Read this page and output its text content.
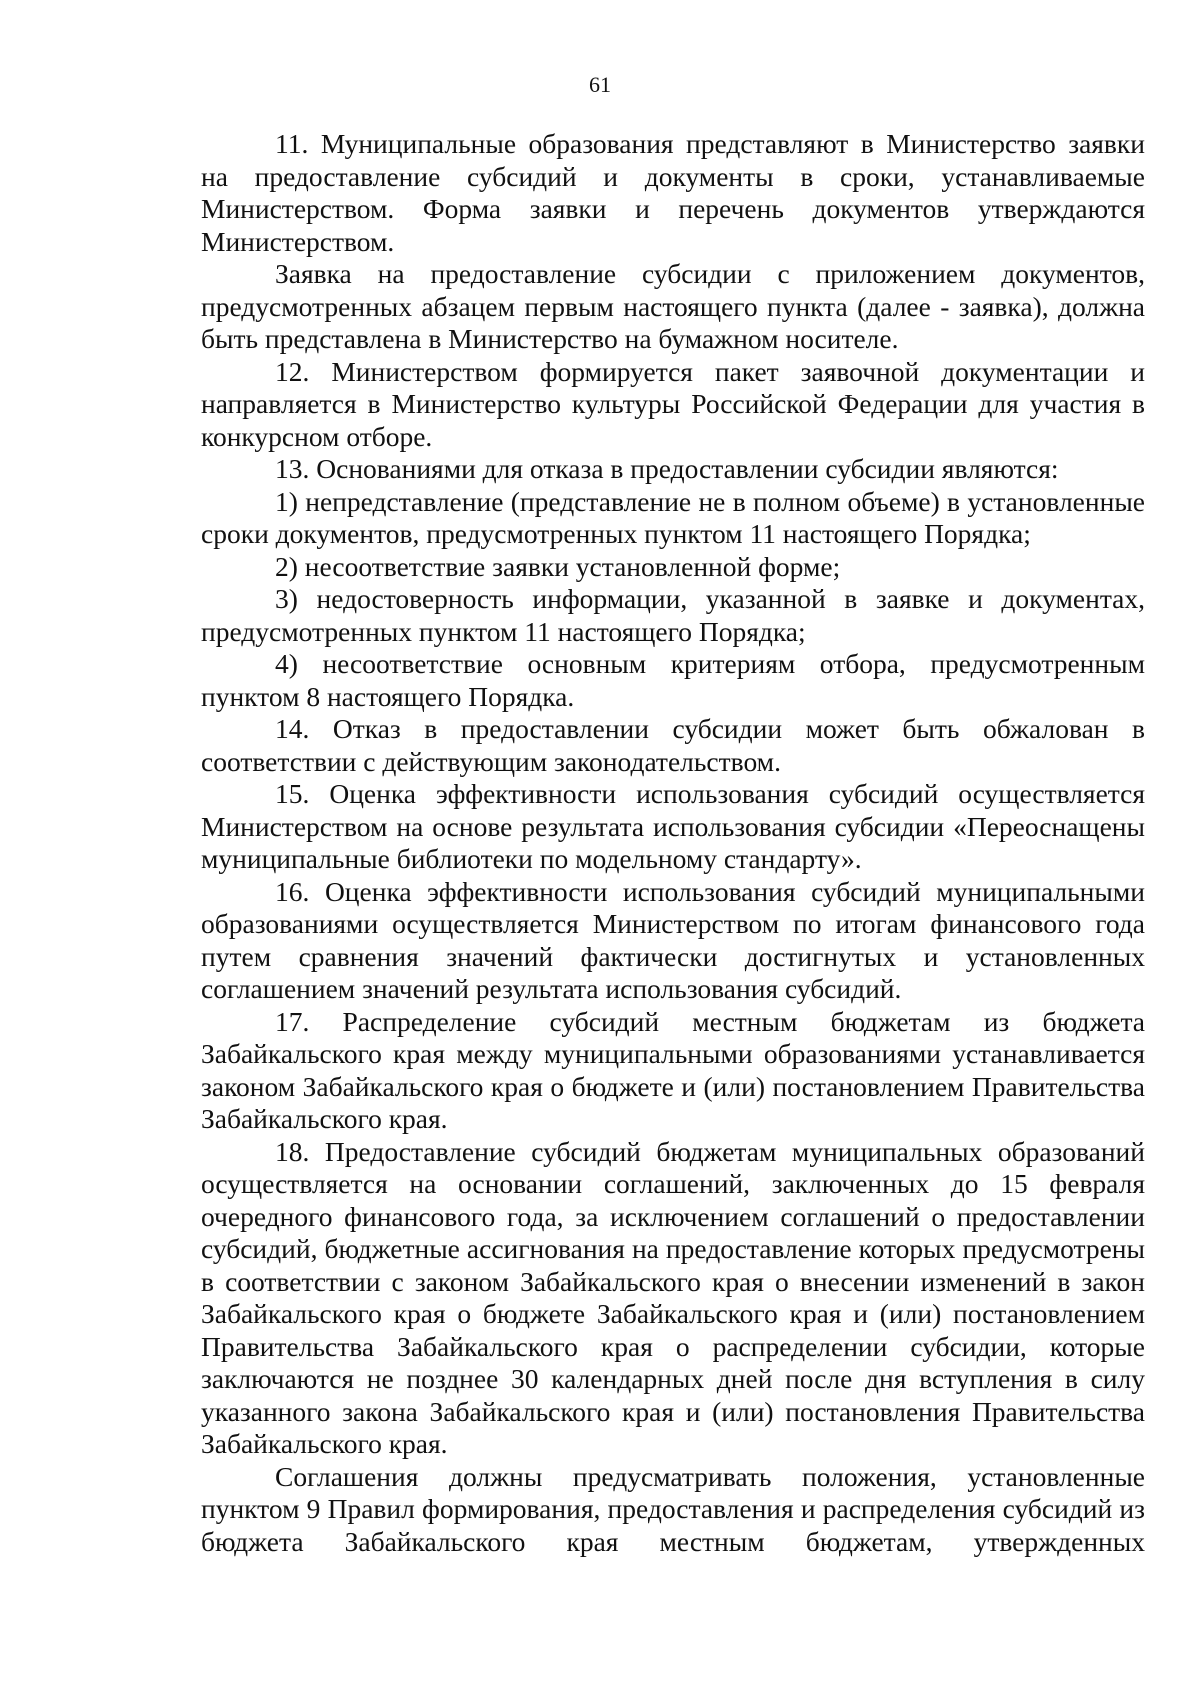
61

11. Муниципальные образования представляют в Министерство заявки на предоставление субсидий и документы в сроки, устанавливаемые Министерством. Форма заявки и перечень документов утверждаются Министерством.

Заявка на предоставление субсидии с приложением документов, предусмотренных абзацем первым настоящего пункта (далее - заявка), должна быть представлена в Министерство на бумажном носителе.

12. Министерством формируется пакет заявочной документации и направляется в Министерство культуры Российской Федерации для участия в конкурсном отборе.

13. Основаниями для отказа в предоставлении субсидии являются:

1) непредставление (представление не в полном объеме) в установленные сроки документов, предусмотренных пунктом 11 настоящего Порядка;

2) несоответствие заявки установленной форме;

3) недостоверность информации, указанной в заявке и документах, предусмотренных пунктом 11 настоящего Порядка;

4) несоответствие основным критериям отбора, предусмотренным пунктом 8 настоящего Порядка.

14. Отказ в предоставлении субсидии может быть обжалован в соответствии с действующим законодательством.

15. Оценка эффективности использования субсидий осуществляется Министерством на основе результата использования субсидии «Переоснащены муниципальные библиотеки по модельному стандарту».

16. Оценка эффективности использования субсидий муниципальными образованиями осуществляется Министерством по итогам финансового года путем сравнения значений фактически достигнутых и установленных соглашением значений результата использования субсидий.

17. Распределение субсидий местным бюджетам из бюджета Забайкальского края между муниципальными образованиями устанавливается законом Забайкальского края о бюджете и (или) постановлением Правительства Забайкальского края.

18. Предоставление субсидий бюджетам муниципальных образований осуществляется на основании соглашений, заключенных до 15 февраля очередного финансового года, за исключением соглашений о предоставлении субсидий, бюджетные ассигнования на предоставление которых предусмотрены в соответствии с законом Забайкальского края о внесении изменений в закон Забайкальского края о бюджете Забайкальского края и (или) постановлением Правительства Забайкальского края о распределении субсидии, которые заключаются не позднее 30 календарных дней после дня вступления в силу указанного закона Забайкальского края и (или) постановления Правительства Забайкальского края.

Соглашения должны предусматривать положения, установленные пунктом 9 Правил формирования, предоставления и распределения субсидий из бюджета Забайкальского края местным бюджетам, утвержденных
